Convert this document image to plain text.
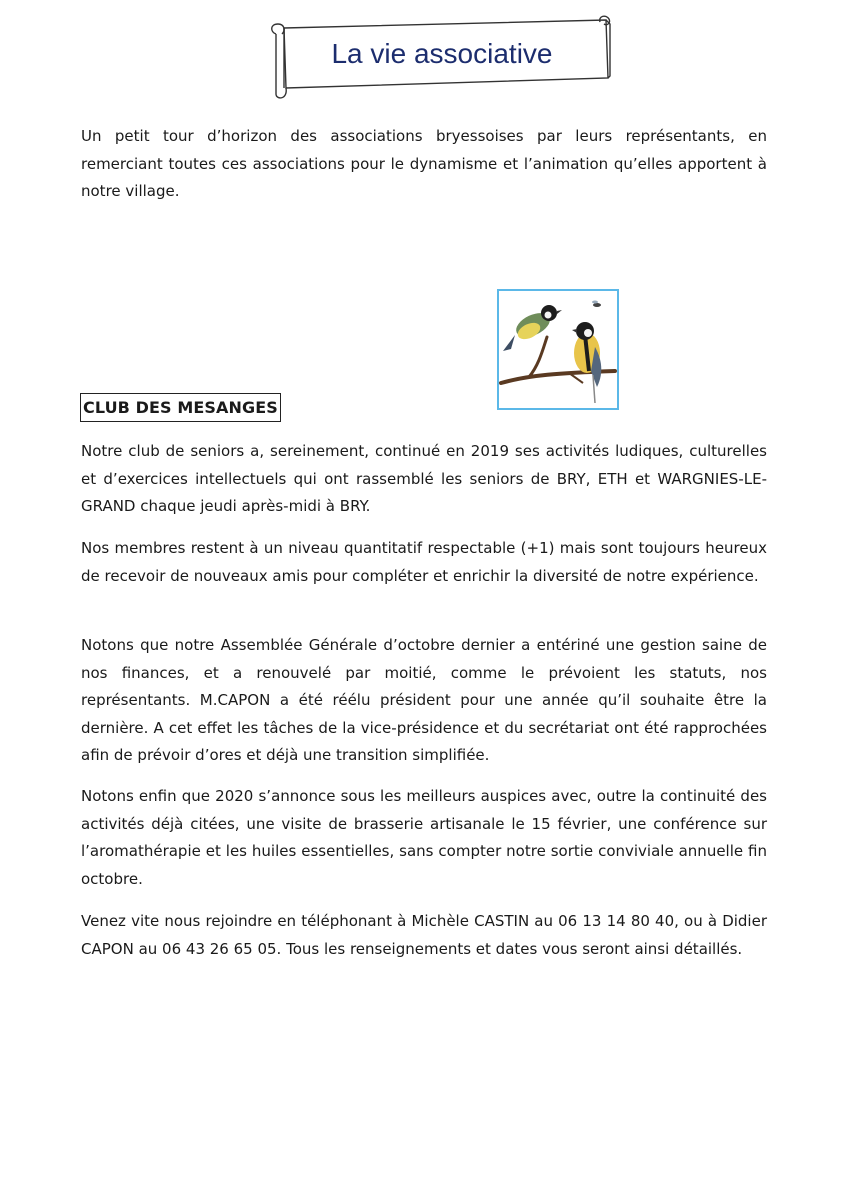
La vie associative

Un petit tour d’horizon des associations bryessoises par leurs représentants, en remerciant toutes ces associations pour le dynamisme et l’animation qu’elles apportent à notre village.

CLUB DES MESANGES

Notre club de seniors a, sereinement, continué en 2019 ses activités ludiques, culturelles et d’exercices intellectuels qui ont rassemblé les seniors de BRY, ETH et WARGNIES-LE-GRAND chaque jeudi après-midi à BRY.

Nos membres restent à un niveau quantitatif respectable (+1) mais sont toujours heureux de recevoir de nouveaux amis pour compléter et enrichir la diversité de notre expérience.

Notons que notre Assemblée Générale d’octobre dernier a entériné une gestion saine de nos finances, et a renouvelé par moitié, comme le prévoient les statuts, nos représentants. M.CAPON a été réélu président pour une année qu’il souhaite être la dernière. A cet effet les tâches de la vice-présidence et du secrétariat ont été rapprochées afin de prévoir d’ores et déjà une transition simplifiée.

Notons enfin que 2020 s’annonce sous les meilleurs auspices avec, outre la continuité des activités déjà citées, une visite de brasserie artisanale le 15 février, une conférence sur l’aromathérapie et les huiles essentielles, sans compter notre sortie conviviale annuelle fin octobre.

Venez vite nous rejoindre en téléphonant à Michèle CASTIN au 06 13 14 80 40, ou à Didier CAPON au 06 43 26 65 05. Tous les renseignements et dates vous seront ainsi détaillés.
